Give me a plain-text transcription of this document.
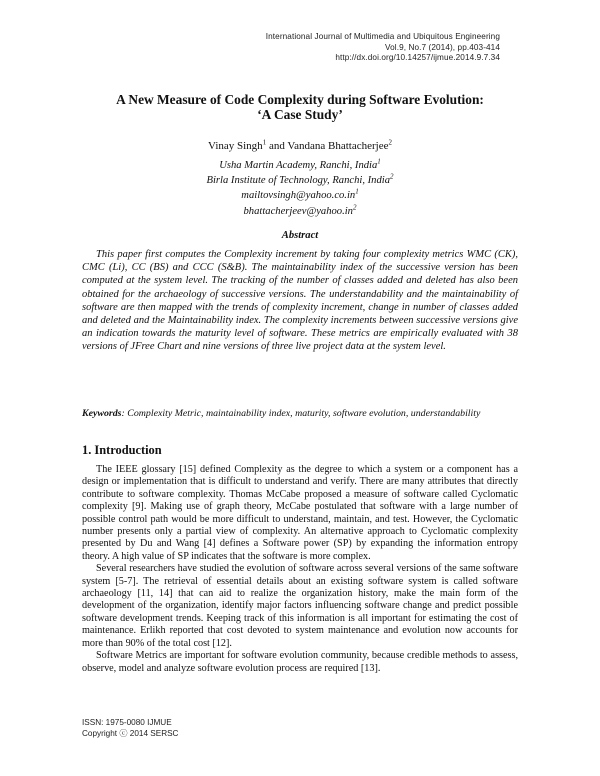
International Journal of Multimedia and Ubiquitous Engineering
Vol.9, No.7 (2014), pp.403-414
http://dx.doi.org/10.14257/ijmue.2014.9.7.34
A New Measure of Code Complexity during Software Evolution:
‘A Case Study’
Vinay Singh$^1$ and Vandana Bhattacherjee$^2$
Usha Martin Academy, Ranchi, India$^1$
Birla Institute of Technology, Ranchi, India$^2$
$mailtovsingh@yahoo.co.in^1$
$bhattacherjeev@yahoo.in^2$
Abstract

This paper first computes the Complexity increment by taking four complexity metrics WMC (CK), CMC (Li), CC (BS) and CCC (S&B). The maintainability index of the successive version has been computed at the system level. The tracking of the number of classes added and deleted has also been obtained for the archaeology of successive versions. The understandability and the maintainability of software are then mapped with the trends of complexity increment, change in number of classes added and deleted and the Maintainability index. The complexity increments between successive versions give an indication towards the maturity level of software. These metrics are empirically evaluated with 38 versions of JFree Chart and nine versions of three live project data at the system level.

Keywords: Complexity Metric, maintainability index, maturity, software evolution, understandability

1. Introduction

The IEEE glossary [15] defined Complexity as the degree to which a system or a component has a design or implementation that is difficult to understand and verify. There are many attributes that directly contribute to software complexity. Thomas McCabe proposed a measure of software called Cyclomatic complexity [9]. Making use of graph theory, McCabe postulated that software with a large number of possible control path would be more difficult to understand, maintain, and test. However, the Cyclomatic number presents only a partial view of complexity. An alternative approach to Cyclomatic complexity presented by Du and Wang [4] defines a Software power (SP) by expanding the information entropy theory. A high value of SP indicates that the software is more complex.

Several researchers have studied the evolution of software across several versions of the same software system [5-7]. The retrieval of essential details about an existing software system is called software archaeology [11, 14] that can aid to realize the organization history, make the main form of the development of the organization, identify major factors influencing software change and predict possible software development trends. Keeping track of this information is all important for estimating the cost of maintenance. Erlikh reported that cost devoted to system maintenance and evolution now accounts for more than 90% of the total cost [12].

Software Metrics are important for software evolution community, because credible methods to assess, observe, model and analyze software evolution process are required [13].

ISSN: 1975-0080 IJMUE
Copyright ⓒ 2014 SERSC
